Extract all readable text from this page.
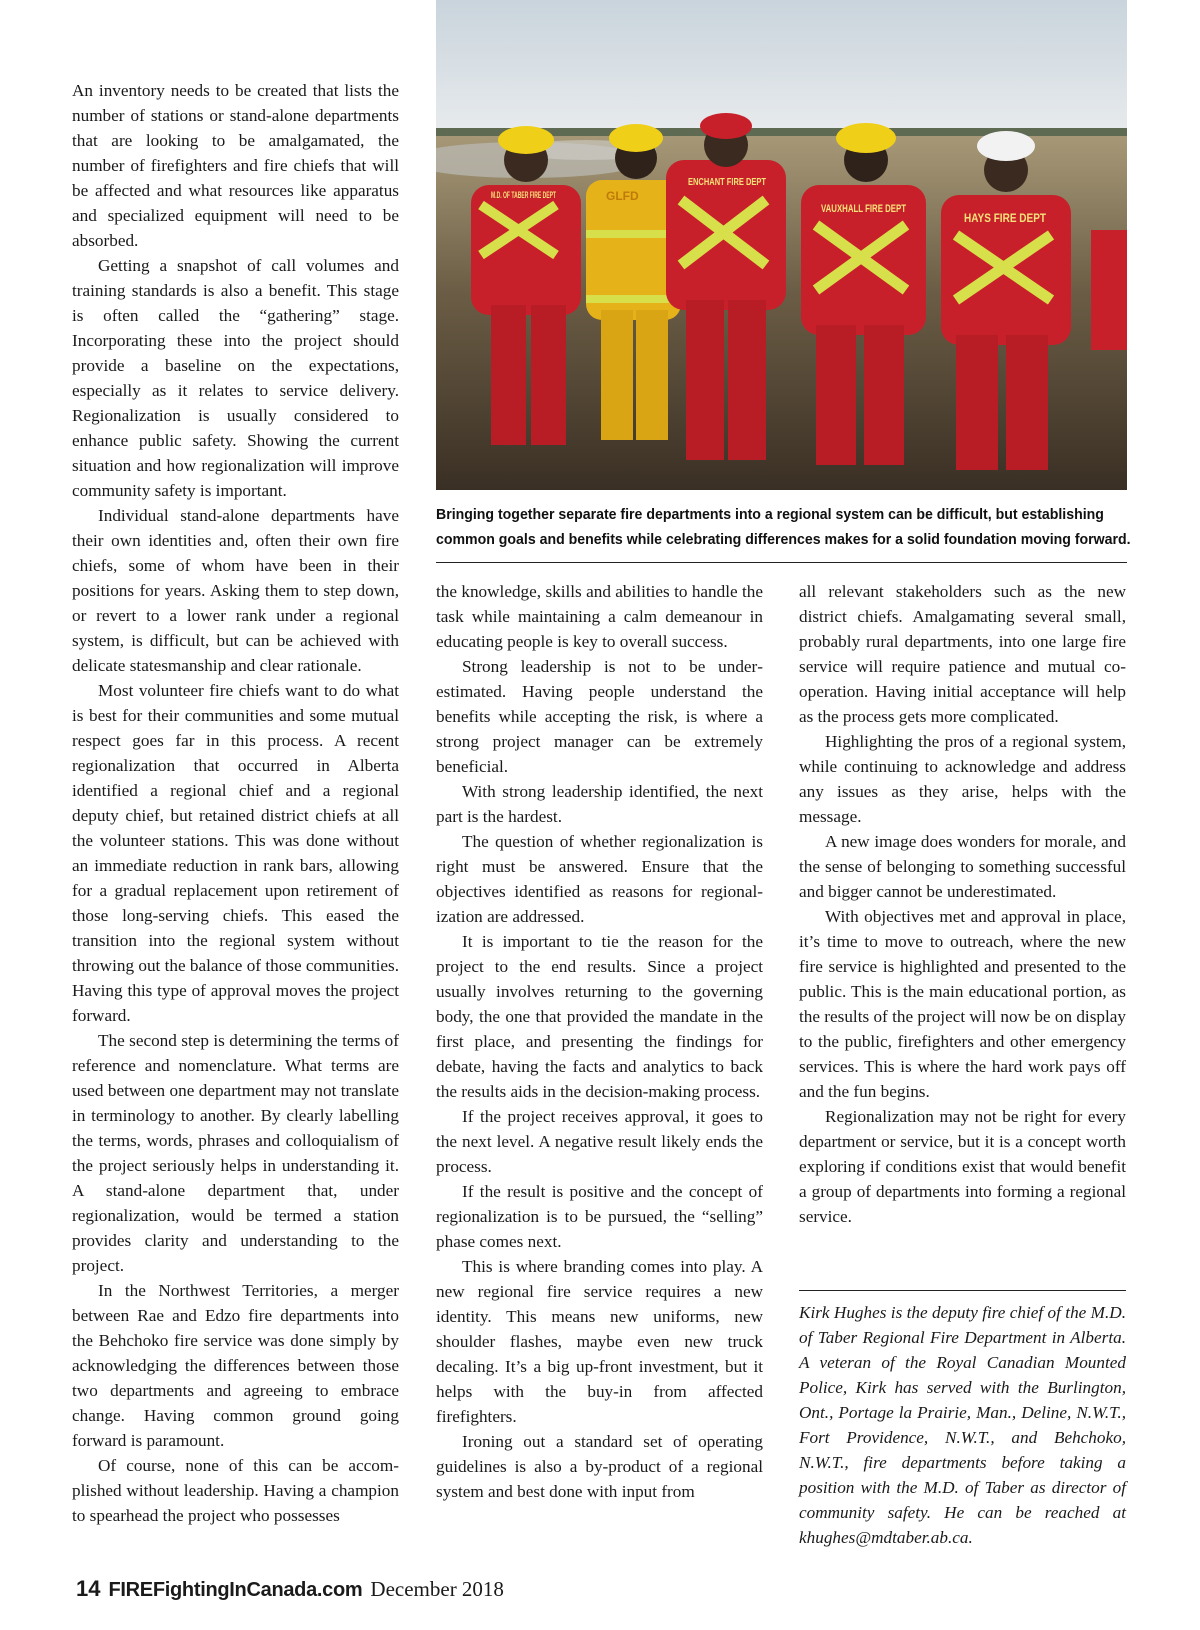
M.D. OF TABER FIRE DEPT	GLFD
ENCHANT FIRE DEPT
VAUXHALL FIRE DEPT
HAYS FIRE DEPT
Bringing together separate fire departments into a regional system can be difficult, but establishing
common goals and benefits while celebrating differences makes for a solid foundation moving forward.

An inventory needs to be created that lists the number of stations or stand-alone departments that are looking to be amalgamated, the number of firefighters and fire chiefs that will be affected and what resources like apparatus and specialized equipment will need to be absorbed.

Getting a snapshot of call volumes and training standards is also a benefit. This stage is often called the “gathering” stage. Incorporating these into the project should provide a baseline on the expectations, especially as it relates to service delivery. Regionalization is usually considered to enhance public safety. Showing the current situation and how regionalization will improve community safety is important.

Individual stand-alone departments have their own identities and, often their own fire chiefs, some of whom have been in their positions for years. Asking them to step down, or revert to a lower rank under a regional system, is difficult, but can be achieved with delicate statesmanship and clear rationale.

Most volunteer fire chiefs want to do what is best for their communities and some mutual respect goes far in this process. A recent regionalization that occurred in Alberta identified a regional chief and a regional deputy chief, but retained district chiefs at all the volunteer stations. This was done without an immediate reduction in rank bars, allowing for a gradual replacement upon retirement of those long-serving chiefs. This eased the transition into the regional system without throwing out the balance of those communities. Having this type of approval moves the project forward.

The second step is determining the terms of reference and nomenclature. What terms are used between one department may not translate in terminology to another. By clearly labelling the terms, words, phrases and colloquialism of the project seriously helps in understanding it. A stand-alone department that, under regionalization, would be termed a station provides clarity and understanding to the project.

In the Northwest Territories, a merger between Rae and Edzo fire departments into the Behchoko fire service was done simply by acknowledging the differences between those two departments and agreeing to embrace change. Having common ground going forward is paramount.

Of course, none of this can be accomplished without leadership. Having a champion to spearhead the project who possesses

the knowledge, skills and abilities to handle the task while maintaining a calm demeanour in educating people is key to overall success.

Strong leadership is not to be underestimated. Having people understand the benefits while accepting the risk, is where a strong project manager can be extremely beneficial.

With strong leadership identified, the next part is the hardest.

The question of whether regionalization is right must be answered. Ensure that the objectives identified as reasons for regionalization are addressed.

It is important to tie the reason for the project to the end results. Since a project usually involves returning to the governing body, the one that provided the mandate in the first place, and presenting the findings for debate, having the facts and analytics to back the results aids in the decision-making process.

If the project receives approval, it goes to the next level. A negative result likely ends the process.

If the result is positive and the concept of regionalization is to be pursued, the “selling” phase comes next.

This is where branding comes into play. A new regional fire service requires a new identity. This means new uniforms, new shoulder flashes, maybe even new truck decaling. It’s a big up-front investment, but it helps with the buy-in from affected firefighters.

Ironing out a standard set of operating guidelines is also a by-product of a regional system and best done with input from

all relevant stakeholders such as the new district chiefs. Amalgamating several small, probably rural departments, into one large fire service will require patience and mutual co-operation. Having initial acceptance will help as the process gets more complicated.

Highlighting the pros of a regional system, while continuing to acknowledge and address any issues as they arise, helps with the message.

A new image does wonders for morale, and the sense of belonging to something successful and bigger cannot be underestimated.

With objectives met and approval in place, it’s time to move to outreach, where the new fire service is highlighted and presented to the public. This is the main educational portion, as the results of the project will now be on display to the public, firefighters and other emergency services. This is where the hard work pays off and the fun begins.

Regionalization may not be right for every department or service, but it is a concept worth exploring if conditions exist that would benefit a group of departments into forming a regional service.

Kirk Hughes is the deputy fire chief of the M.D. of Taber Regional Fire Department in Alberta. A veteran of the Royal Canadian Mounted Police, Kirk has served with the Burlington, Ont., Portage la Prairie, Man., Deline, N.W.T., Fort Providence, N.W.T., and Behchoko, N.W.T., fire departments before taking a position with the M.D. of Taber as director of community safety. He can be reached at khughes@mdtaber.ab.ca.

14 FIREFightingInCanada.com December 2018
